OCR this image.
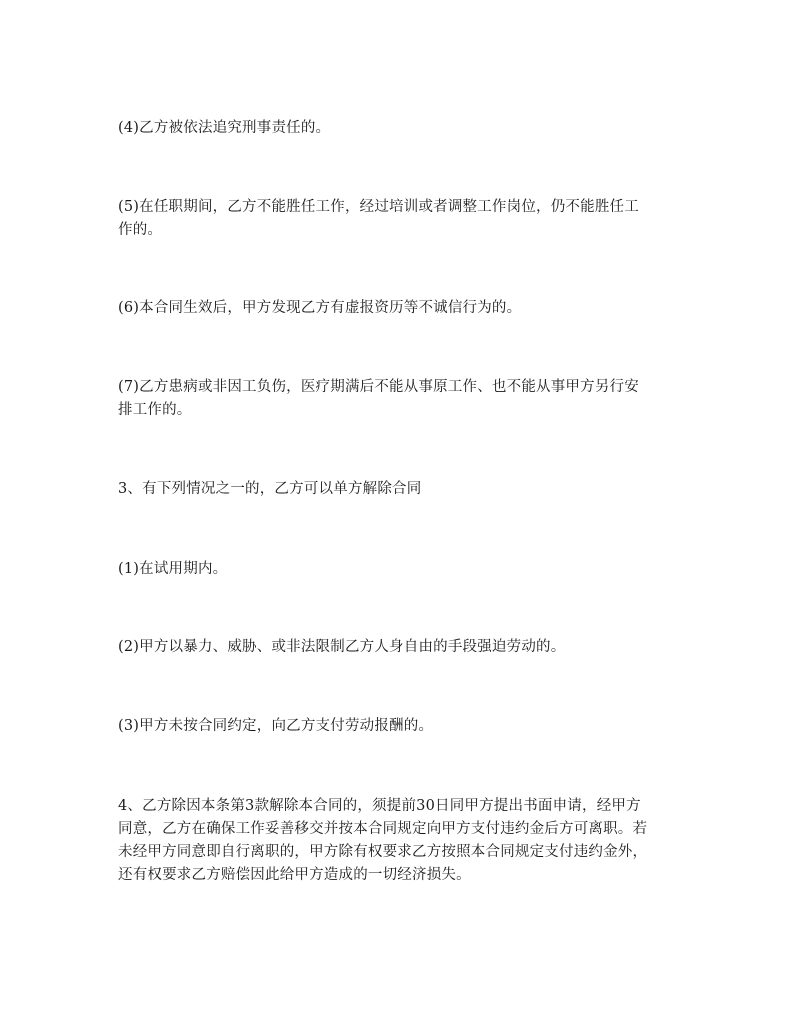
(4)乙方被依法追究刑事责任的。

(5)在任职期间，乙方不能胜任工作，经过培训或者调整工作岗位，仍不能胜任工
作的。

(6)本合同生效后，甲方发现乙方有虚报资历等不诚信行为的。

(7)乙方患病或非因工负伤，医疗期满后不能从事原工作、也不能从事甲方另行安
排工作的。

3、有下列情况之一的，乙方可以单方解除合同

(1)在试用期内。

(2)甲方以暴力、威胁、或非法限制乙方人身自由的手段强迫劳动的。

(3)甲方未按合同约定，向乙方支付劳动报酬的。

4、乙方除因本条第3款解除本合同的，须提前30日同甲方提出书面申请，经甲方
同意，乙方在确保工作妥善移交并按本合同规定向甲方支付违约金后方可离职。若
未经甲方同意即自行离职的，甲方除有权要求乙方按照本合同规定支付违约金外，
还有权要求乙方赔偿因此给甲方造成的一切经济损失。
